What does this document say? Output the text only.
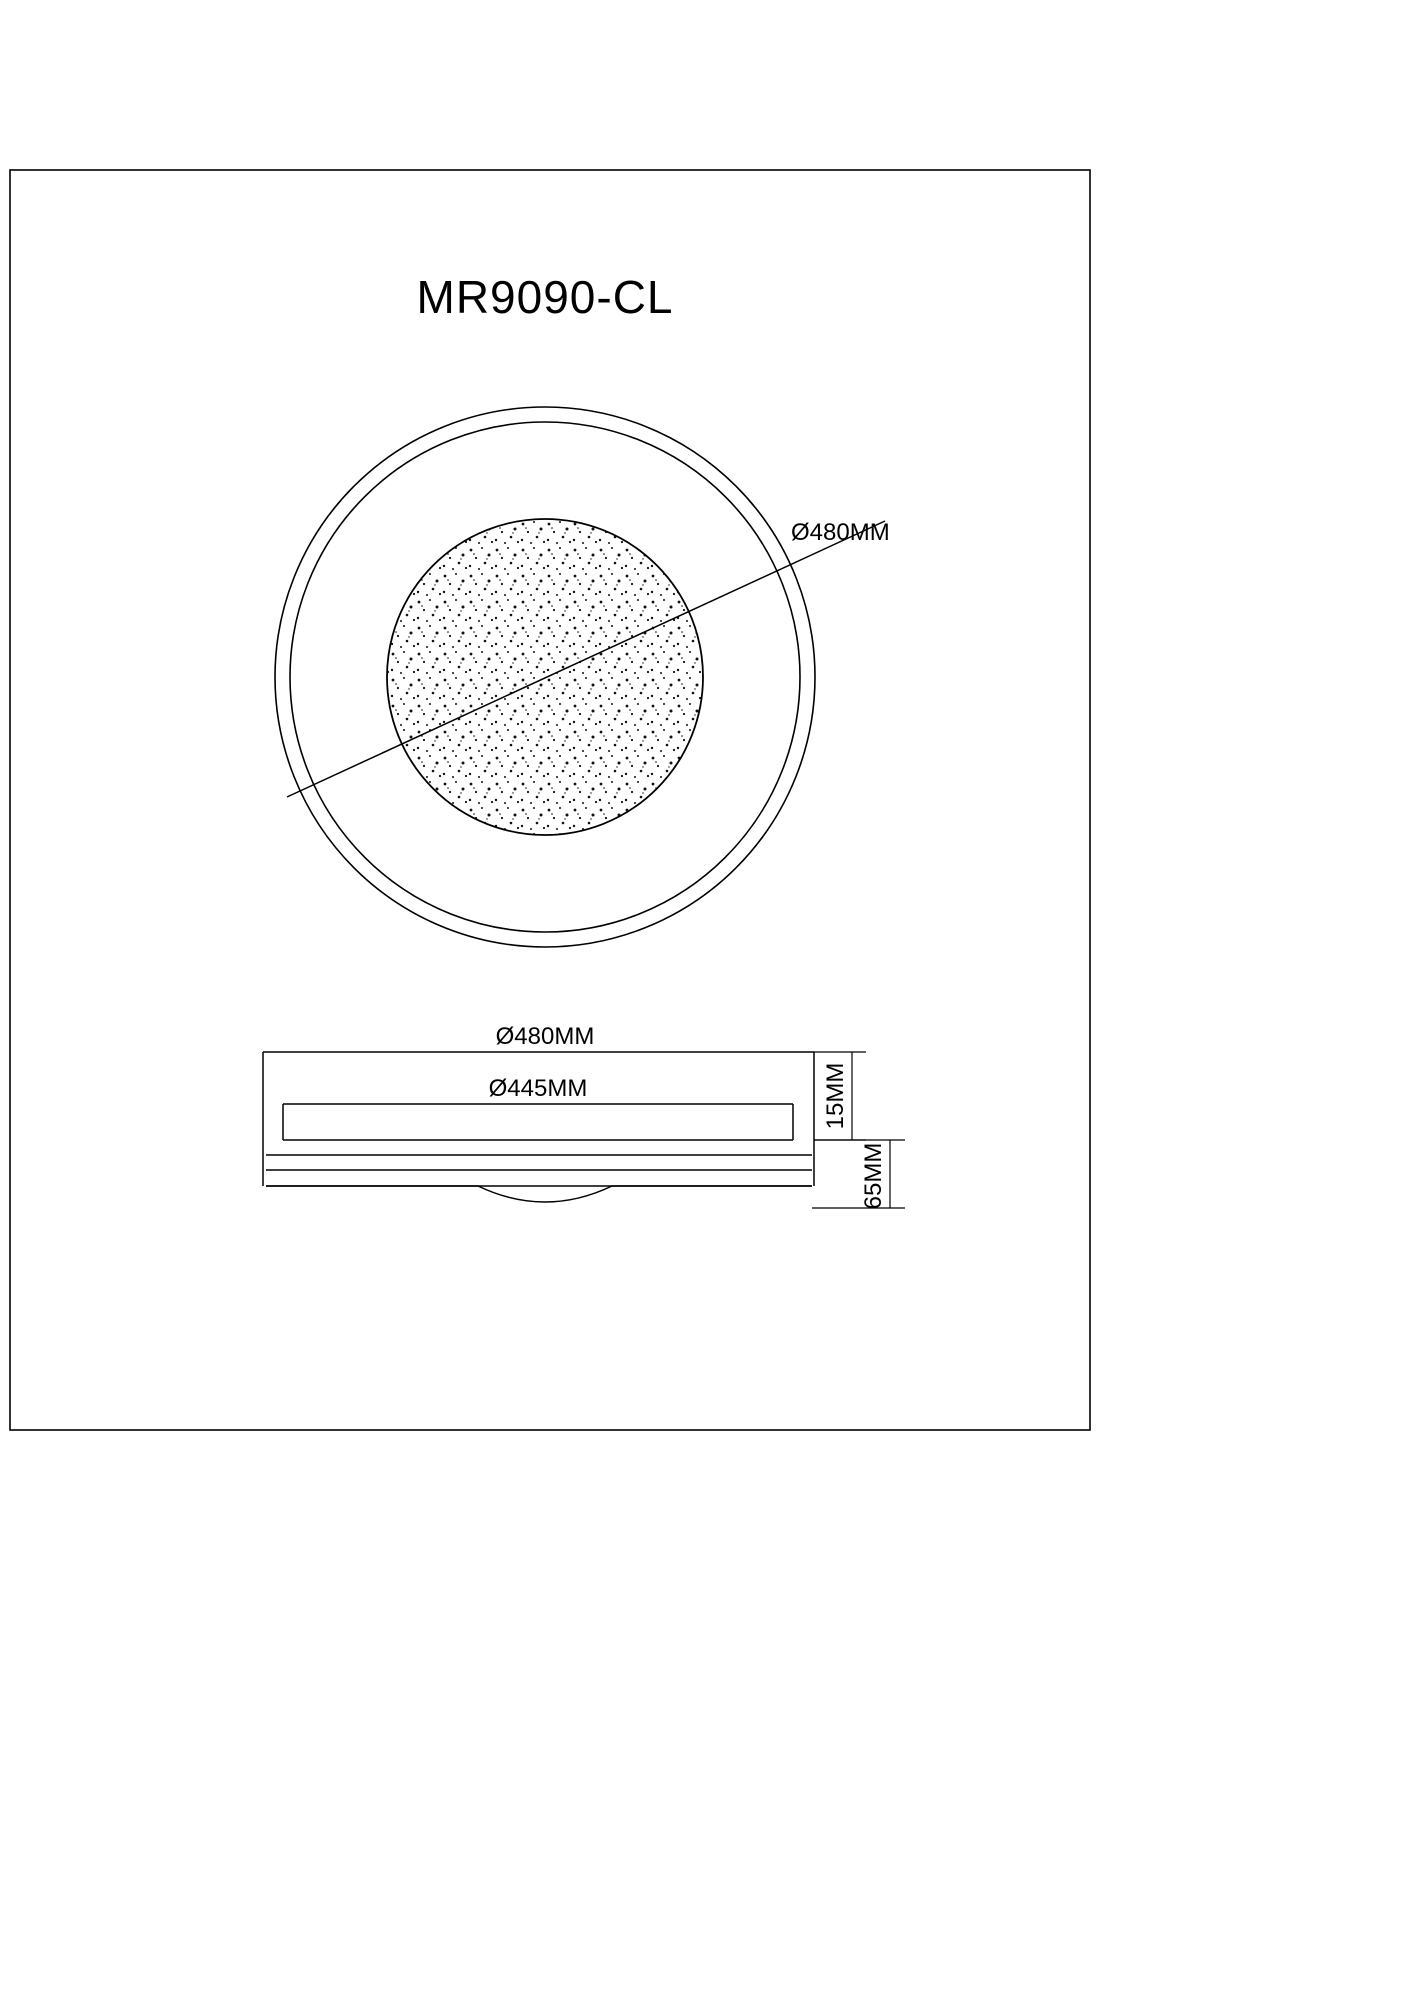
MR9090-CL
Ø480MM
Ø480MM
Ø445MM	15MM
65MM
